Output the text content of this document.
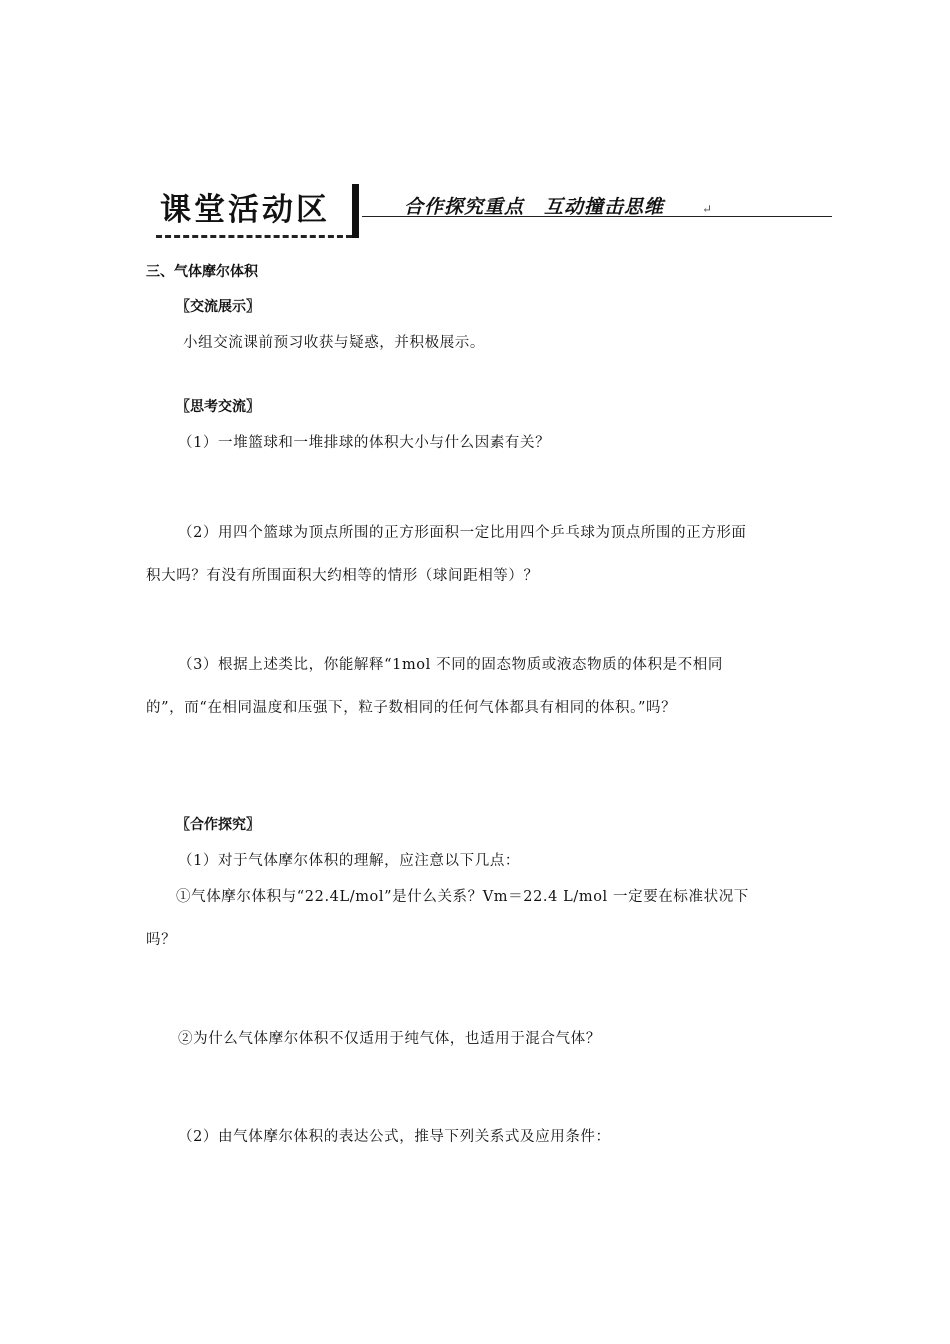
课堂活动区	合作探究重点　互动撞击思维	↵
三、气体摩尔体积
〖交流展示〗
小组交流课前预习收获与疑惑，并积极展示。
〖思考交流〗
（1）一堆篮球和一堆排球的体积大小与什么因素有关？
（2）用四个篮球为顶点所围的正方形面积一定比用四个乒乓球为顶点所围的正方形面
积大吗？有没有所围面积大约相等的情形（球间距相等）？
（3）根据上述类比，你能解释“1mol 不同的固态物质或液态物质的体积是不相同
的”，而“在相同温度和压强下，粒子数相同的任何气体都具有相同的体积。”吗？
〖合作探究〗
（1）对于气体摩尔体积的理解，应注意以下几点：
①气体摩尔体积与“22.4L/mol”是什么关系？Vm＝22.4 L/mol 一定要在标准状况下
吗？
②为什么气体摩尔体积不仅适用于纯气体，也适用于混合气体？
（2）由气体摩尔体积的表达公式，推导下列关系式及应用条件：
